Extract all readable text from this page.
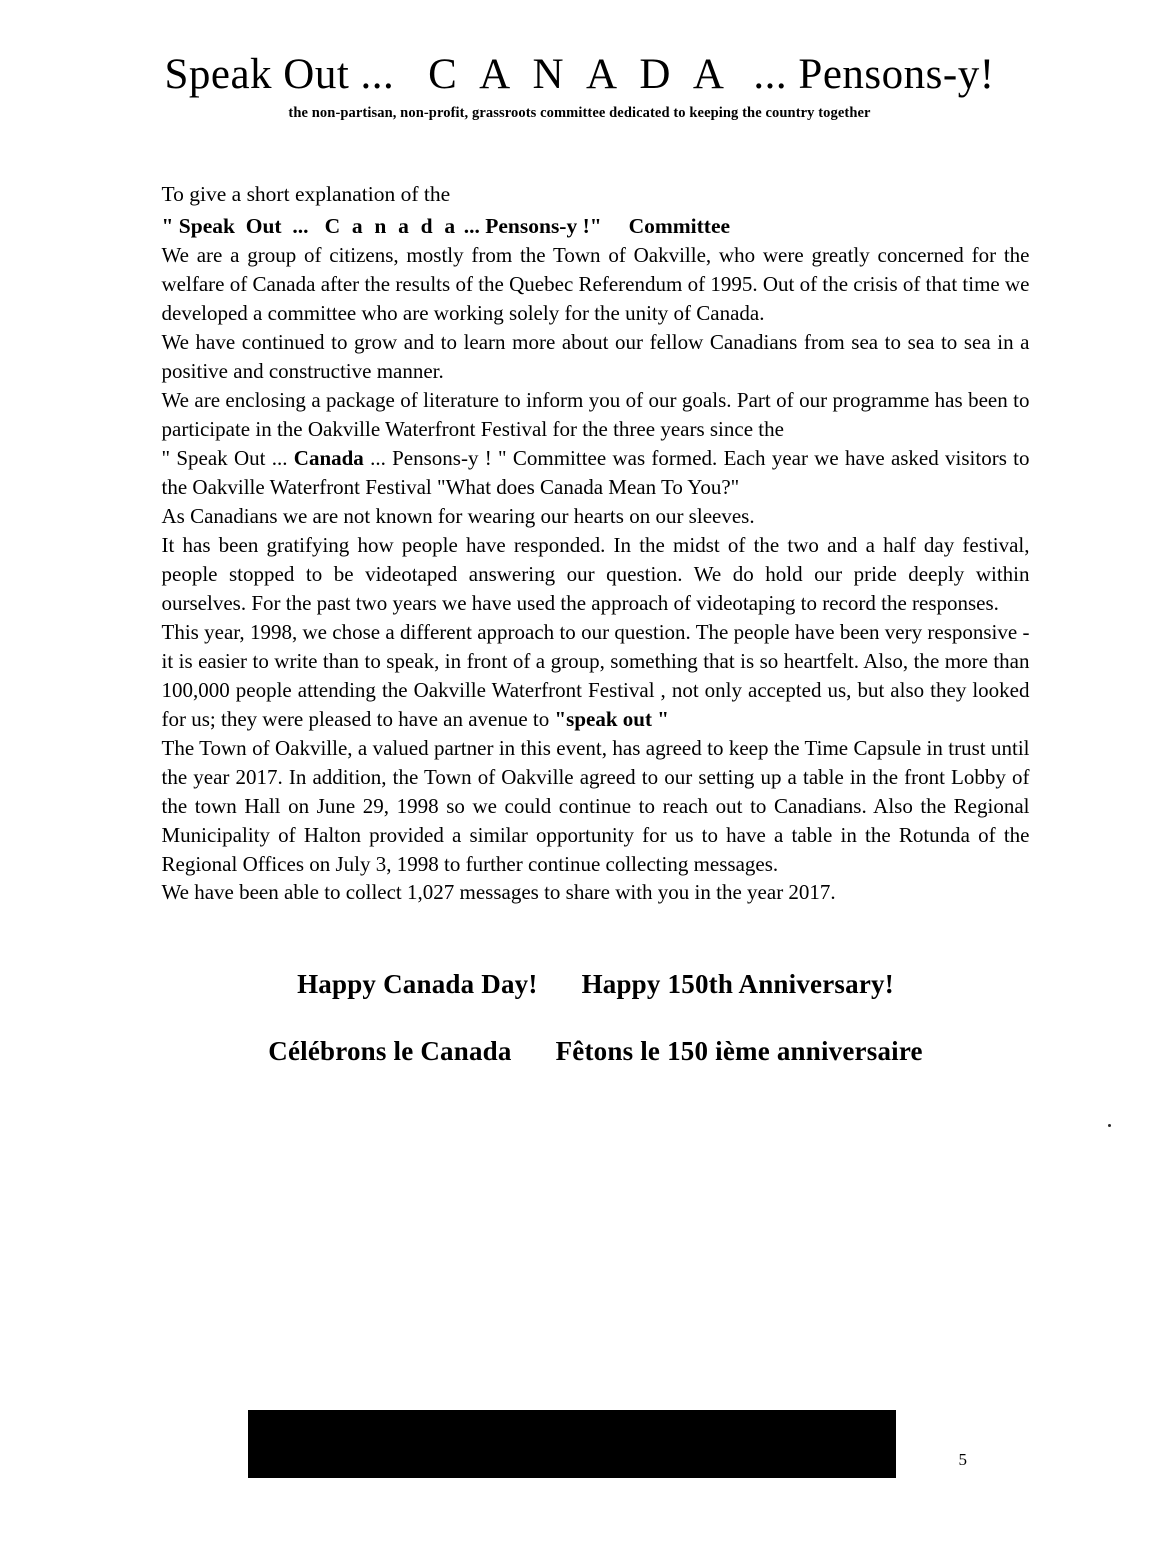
Speak Out ...   C A N A D A  ... Pensons-y!
the non-partisan, non-profit, grassroots committee dedicated to keeping the country together
To give a short explanation of the
" Speak  Out  ...   C a n a d a ... Pensons-y !"     Committee

We are a group of citizens, mostly from the Town of Oakville, who were greatly concerned for the welfare of Canada after the results of the Quebec Referendum of 1995. Out of the crisis of that time we developed a committee who are working solely for the unity of Canada.

We have continued to grow and to learn more about our fellow Canadians from sea to sea to sea in a positive and constructive manner.

We are enclosing a package of literature to inform you of our goals. Part of our programme has been to participate in the Oakville Waterfront Festival for the three years since the

" Speak Out ... Canada ... Pensons-y ! " Committee was formed. Each year we have asked visitors to the Oakville Waterfront Festival "What does Canada Mean To You?"

As Canadians we are not known for wearing our hearts on our sleeves.

It has been gratifying how people have responded. In the midst of the two and a half day festival, people stopped to be videotaped answering our question. We do hold our pride deeply within ourselves. For the past two years we have used the approach of videotaping to record the responses.

This year, 1998, we chose a different approach to our question. The people have been very responsive - it is easier to write than to speak, in front of a group, something that is so heartfelt. Also, the more than 100,000 people attending the Oakville Waterfront Festival , not only accepted us, but also they looked for us; they were pleased to have an avenue to "speak out "

The Town of Oakville, a valued partner in this event, has agreed to keep the Time Capsule in trust until the year 2017. In addition, the Town of Oakville agreed to our setting up a table in the front Lobby of the town Hall on June 29, 1998 so we could continue to reach out to Canadians. Also the Regional Municipality of Halton provided a similar opportunity for us to have a table in the Rotunda of the Regional Offices on July 3, 1998 to further continue collecting messages.

We have been able to collect 1,027 messages to share with you in the year 2017.

Happy Canada Day! Happy 150th Anniversary!
Célébrons le Canada Fêtons le 150 ième anniversaire
5
